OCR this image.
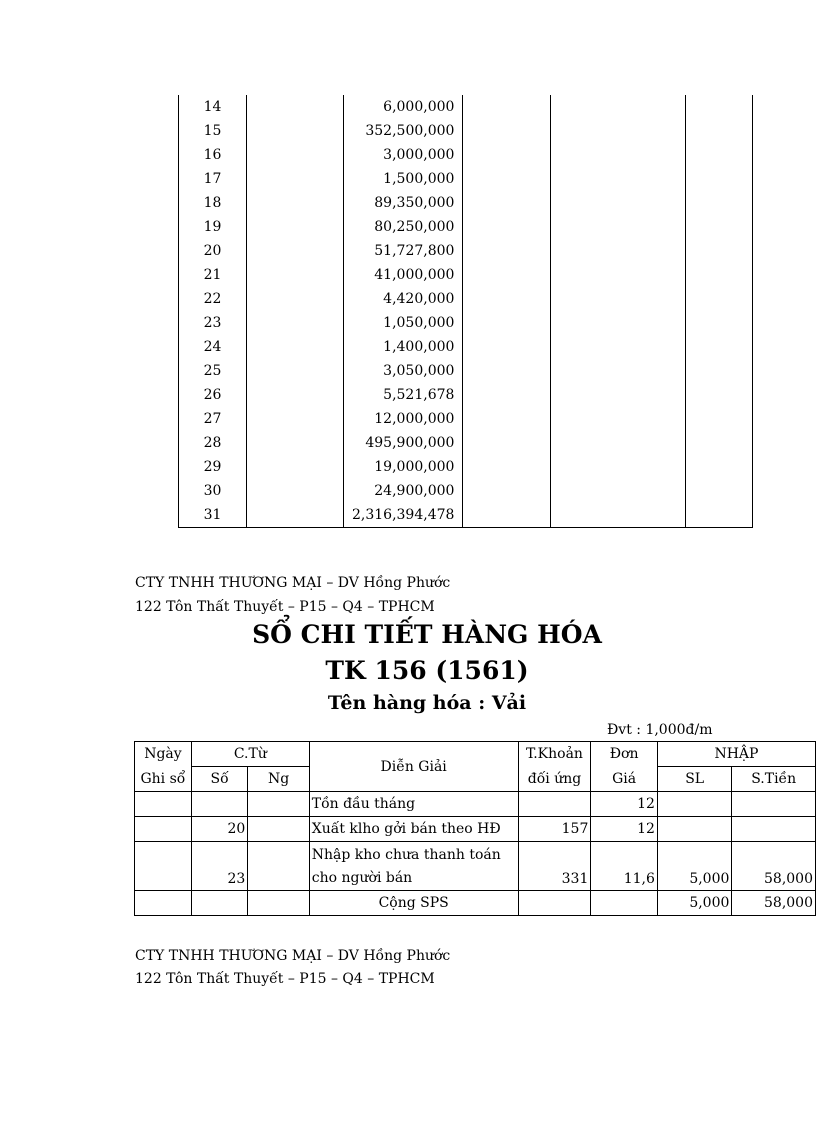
14		6,000,000			
15		352,500,000			
16		3,000,000			
17		1,500,000			
18		89,350,000			
19		80,250,000			
20		51,727,800			
21		41,000,000			
22		4,420,000			
23		1,050,000			
24		1,400,000			
25		3,050,000			
26		5,521,678			
27		12,000,000			
28		495,900,000			
29		19,000,000			
30		24,900,000			
31		2,316,394,478			
CTY TNHH THƯƠNG MẠI – DV Hồng Phước
122 Tôn Thất Thuyết – P15 – Q4 – TPHCM
SỔ CHI TIẾT HÀNG HÓA
TK 156 (1561)
Tên hàng hóa : Vải
Đvt : 1,000đ/m
Ngày	C.Từ		Diễn Giải	T.Khoản	Đơn	NHẬP	
Ghi sổ	Số	Ng		đối ứng	Giá	SL	S.Tiền
			Tồn đầu tháng		12		
	20		Xuất klho gởi bán theo HĐ	157	12		
	23		Nhập kho chưa thanh toán cho người bán	331	11,6	5,000	58,000
			Cộng SPS			5,000	58,000
CTY TNHH THƯƠNG MẠI – DV Hồng Phước
122 Tôn Thất Thuyết – P15 – Q4 – TPHCM
